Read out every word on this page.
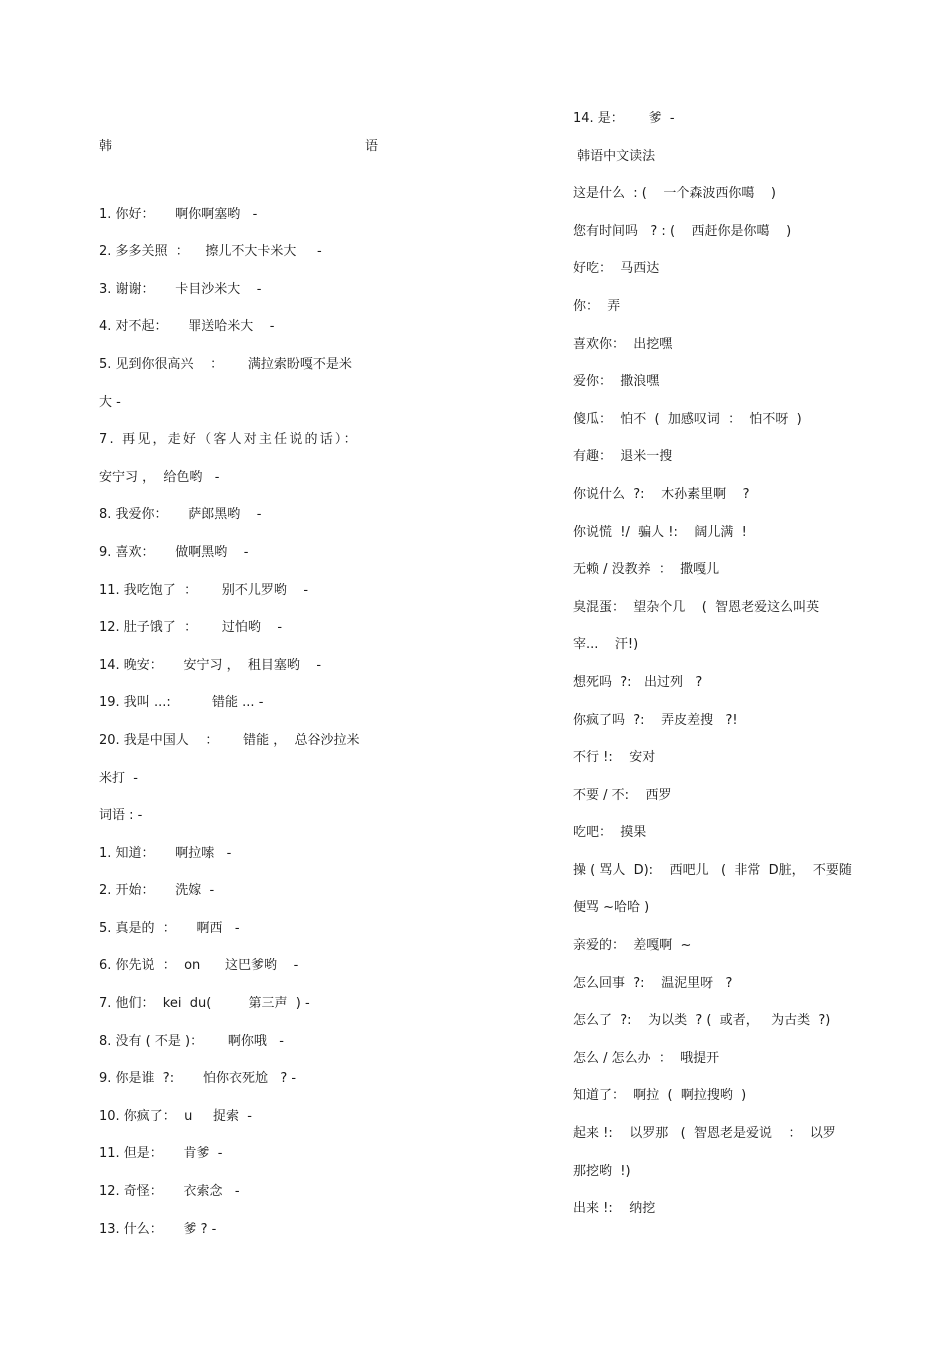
韩	语
1. 你好：     啊你啊塞哟   -
2. 多多关照  ：    擦儿不大卡米大     -
3. 谢谢：     卡目沙米大    -
4. 对不起：     罪送哈米大    -
5. 见到你很高兴    ：      满拉索盼嘎不是米
大 -
7. 再见，走好（客人对主任说的话）：
安宁习 ，  给色哟   -
8. 我爱你：     萨郎黑哟    -
9. 喜欢：     做啊黑哟    -
11. 我吃饱了  ：      别不儿罗哟    -
12. 肚子饿了  ：      过怕哟    -
14. 晚安：     安宁习 ，  租目塞哟    -
19. 我叫 ...:          错能 ... -
20. 我是中国人    ：      错能 ，  总谷沙拉米
米打  -
词语 : -
1. 知道：     啊拉嗦   -
2. 开始：     洗嫁  -
5. 真是的  ：     啊西   -
6. 你先说  ：  on      这巴爹哟    -
7. 他们：  kei  du(         第三声  ) -
8. 没有 ( 不是 )：      啊你哦   -
9. 你是谁  ?:       怕你衣死尬   ? -
10. 你疯了：  u     捉索  -
11. 但是：     肯爹  -
12. 奇怪：     衣索念   -
13. 什么：     爹 ? -
14. 是：      爹  -
韩语中文读法
这是什么  : (    一个森波西你噶    )
您有时间吗   ? : (    西赶你是你噶    )
好吃：  马西达
你：  弄
喜欢你：  出挖嘿
爱你：  撒浪嘿
傻瓜：  怕不  (  加感叹词  ：  怕不呀  )
有趣：  退米一搜
你说什么  ?:    木孙素里啊    ?
你说慌  !/  骗人 !:    阔儿满  !
无赖 / 没教养  ：  撒嘎儿
臭混蛋：  望杂个几    (  智恩老爱这么叫英
宰...    汗!)
想死吗  ?:   出过列   ?
你疯了吗  ?:    弄皮差搜   ?!
不行 !:    安对
不要 / 不:    西罗
吃吧：  摸果
操 ( 骂人  D):    西吧儿   (  非常  D脏，  不要随
便骂 ~哈哈 )
亲爱的：  差嘎啊  ~
怎么回事  ?:    温泥里呀   ?
怎么了  ?:    为以类  ? (  或者，   为古类  ?)
怎么 / 怎么办  ：  哦提开
知道了：  啊拉  (  啊拉搜哟  )
起来 !:    以罗那   (  智恩老是爱说    ：  以罗
那挖哟  !)
出来 !:    纳挖
